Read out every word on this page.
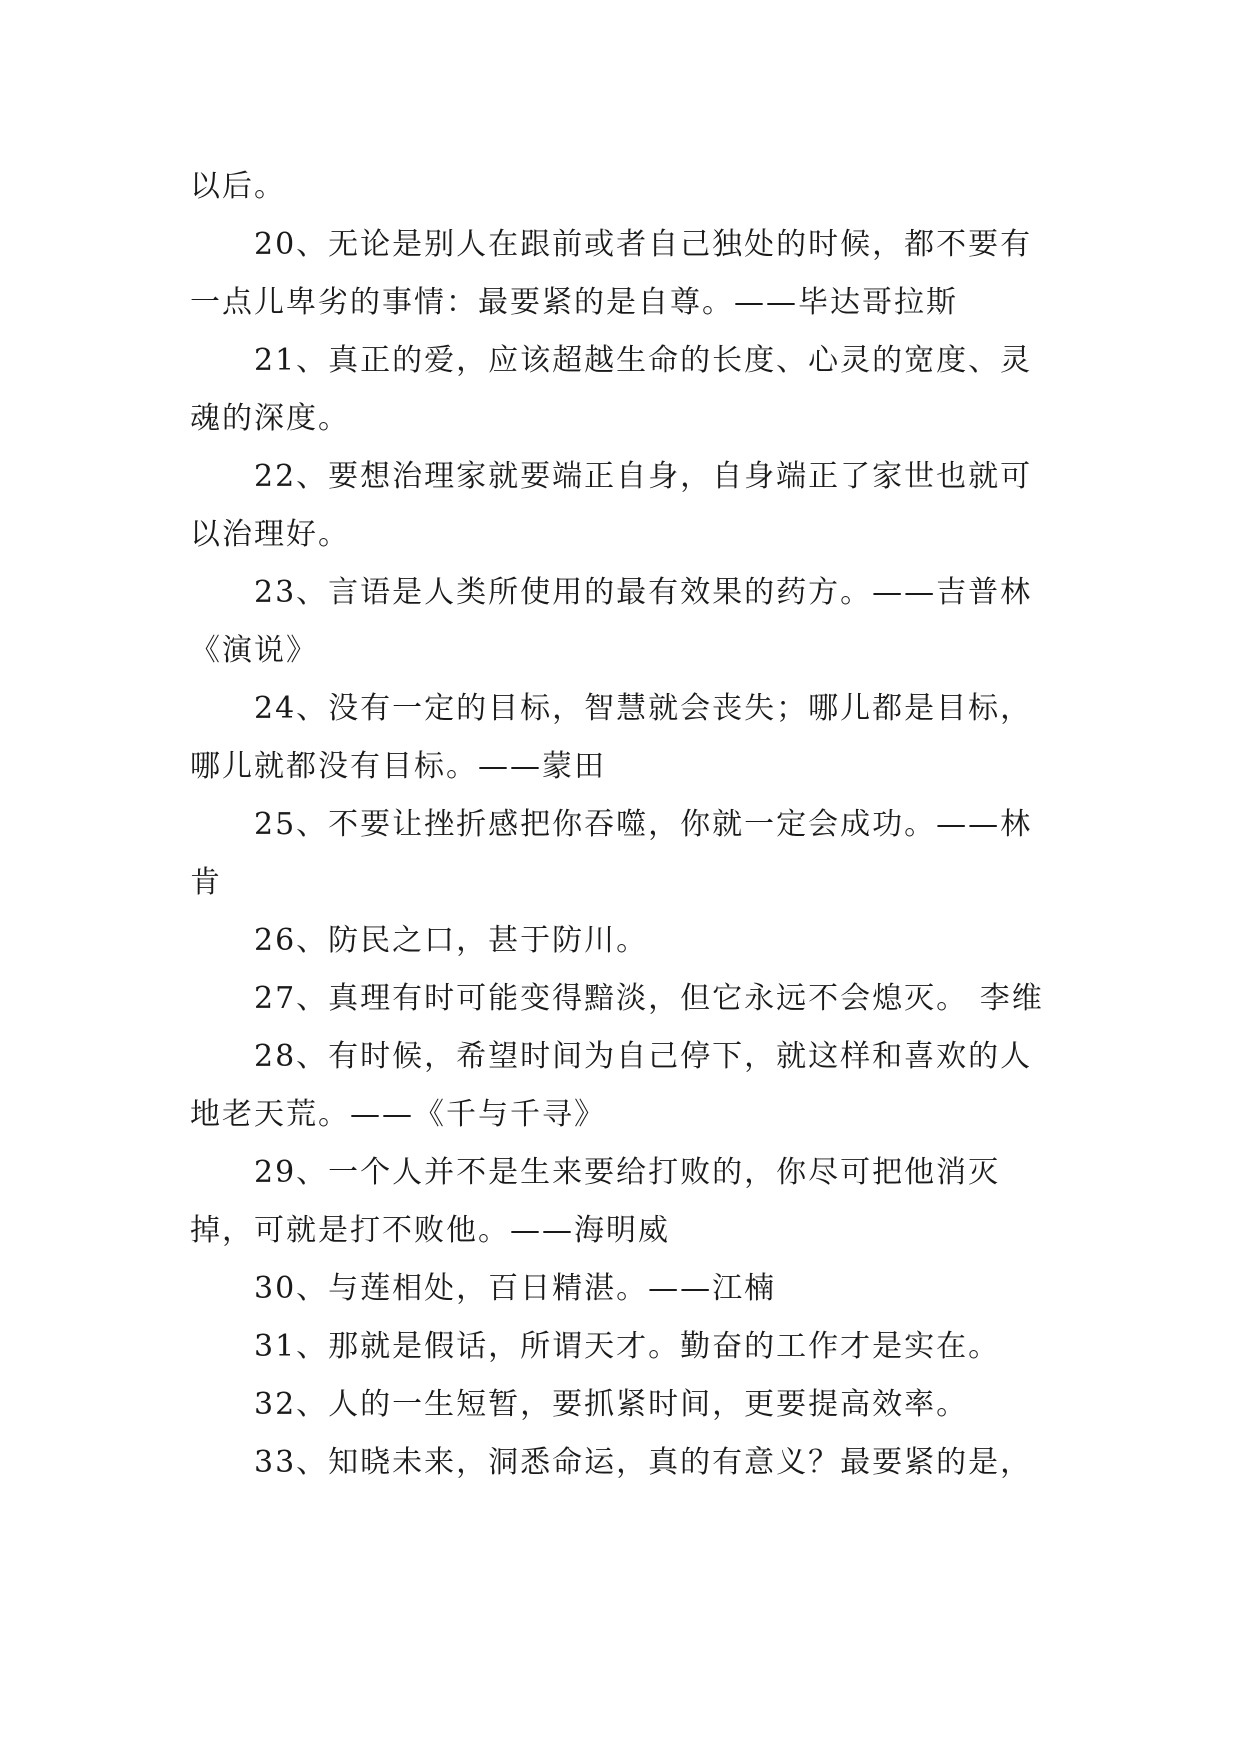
以后。

20、无论是别人在跟前或者自己独处的时候，都不要有一点儿卑劣的事情：最要紧的是自尊。——毕达哥拉斯

21、真正的爱，应该超越生命的长度、心灵的宽度、灵魂的深度。

22、要想治理家就要端正自身，自身端正了家世也就可以治理好。

23、言语是人类所使用的最有效果的药方。——吉普林《演说》

24、没有一定的目标，智慧就会丧失；哪儿都是目标，哪儿就都没有目标。——蒙田

25、不要让挫折感把你吞噬，你就一定会成功。——林肯

26、防民之口，甚于防川。

27、真理有时可能变得黯淡，但它永远不会熄灭。 李维

28、有时候，希望时间为自己停下，就这样和喜欢的人地老天荒。——《千与千寻》

29、一个人并不是生来要给打败的，你尽可把他消灭掉，可就是打不败他。——海明威

30、与莲相处，百日精湛。——江楠

31、那就是假话，所谓天才。勤奋的工作才是实在。

32、人的一生短暂，要抓紧时间，更要提高效率。

33、知晓未来，洞悉命运，真的有意义？最要紧的是，
